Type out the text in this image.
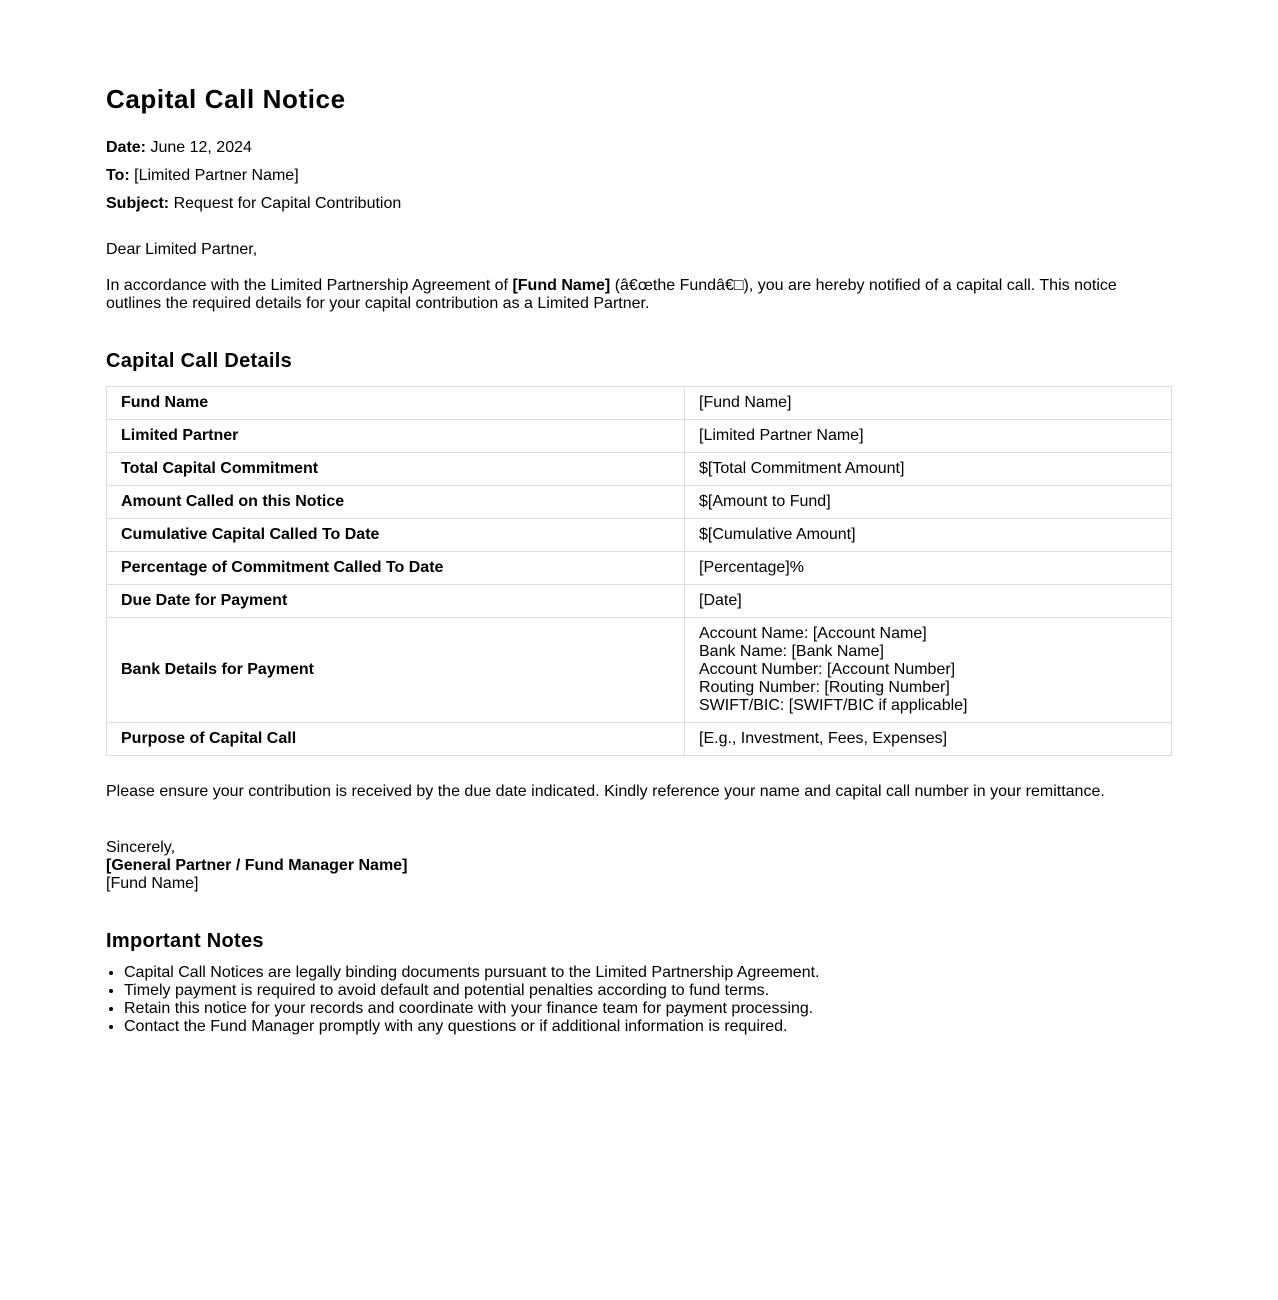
Capital Call Notice
Date: June 12, 2024
To: [Limited Partner Name]
Subject: Request for Capital Contribution
Dear Limited Partner,
In accordance with the Limited Partnership Agreement of [Fund Name] (â€œthe Fundâ€□), you are hereby notified of a capital call. This notice outlines the required details for your capital contribution as a Limited Partner.
Capital Call Details
Fund Name	[Fund Name]
Limited Partner	[Limited Partner Name]
Total Capital Commitment	$[Total Commitment Amount]
Amount Called on this Notice	$[Amount to Fund]
Cumulative Capital Called To Date	$[Cumulative Amount]
Percentage of Commitment Called To Date	[Percentage]%
Due Date for Payment	[Date]
Bank Details for Payment	Account Name: [Account Name]
Bank Name: [Bank Name]
Account Number: [Account Number]
Routing Number: [Routing Number]
SWIFT/BIC: [SWIFT/BIC if applicable]

Purpose of Capital Call	[E.g., Investment, Fees, Expenses]
Please ensure your contribution is received by the due date indicated. Kindly reference your name and capital call number in your remittance.
Sincerely,
[General Partner / Fund Manager Name]
[Fund Name]
Important Notes
• Capital Call Notices are legally binding documents pursuant to the Limited Partnership Agreement.
• Timely payment is required to avoid default and potential penalties according to fund terms.
• Retain this notice for your records and coordinate with your finance team for payment processing.
• Contact the Fund Manager promptly with any questions or if additional information is required.
